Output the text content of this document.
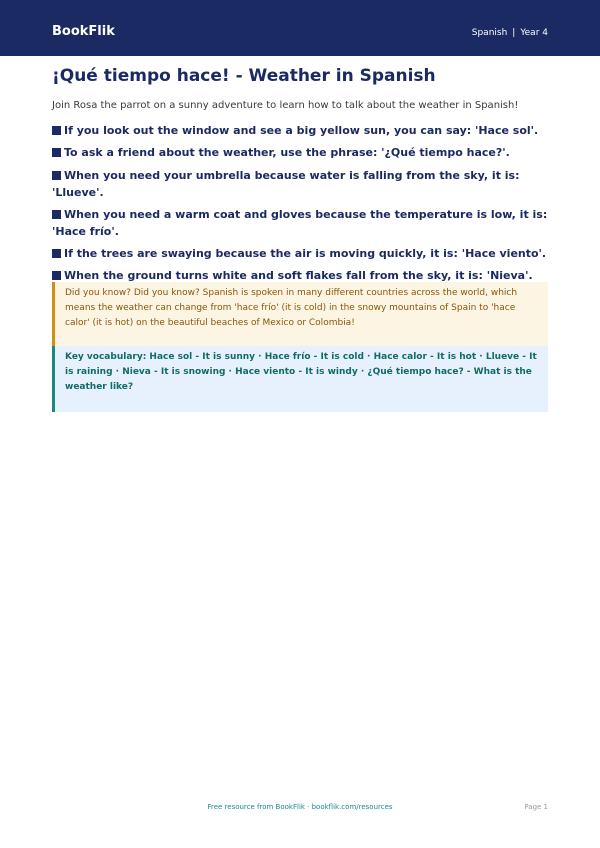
BookFlik	Spanish | Year 4
¡Qué tiempo hace! - Weather in Spanish
Join Rosa the parrot on a sunny adventure to learn how to talk about the weather in Spanish!
If you look out the window and see a big yellow sun, you can say: 'Hace sol'.
To ask a friend about the weather, use the phrase: '¿Qué tiempo hace?'.
When you need your umbrella because water is falling from the sky, it is: 'Llueve'.
When you need a warm coat and gloves because the temperature is low, it is: 'Hace frío'.
If the trees are swaying because the air is moving quickly, it is: 'Hace viento'.
When the ground turns white and soft flakes fall from the sky, it is: 'Nieva'.
Did you know? Did you know? Spanish is spoken in many different countries across the world, which means the weather can change from 'hace frío' (it is cold) in the snowy mountains of Spain to 'hace calor' (it is hot) on the beautiful beaches of Mexico or Colombia!
Key vocabulary: Hace sol - It is sunny · Hace frío - It is cold · Hace calor - It is hot · Llueve - It is raining · Nieva - It is snowing · Hace viento - It is windy · ¿Qué tiempo hace? - What is the weather like?
Free resource from BookFlik · bookflik.com/resources	Page 1
